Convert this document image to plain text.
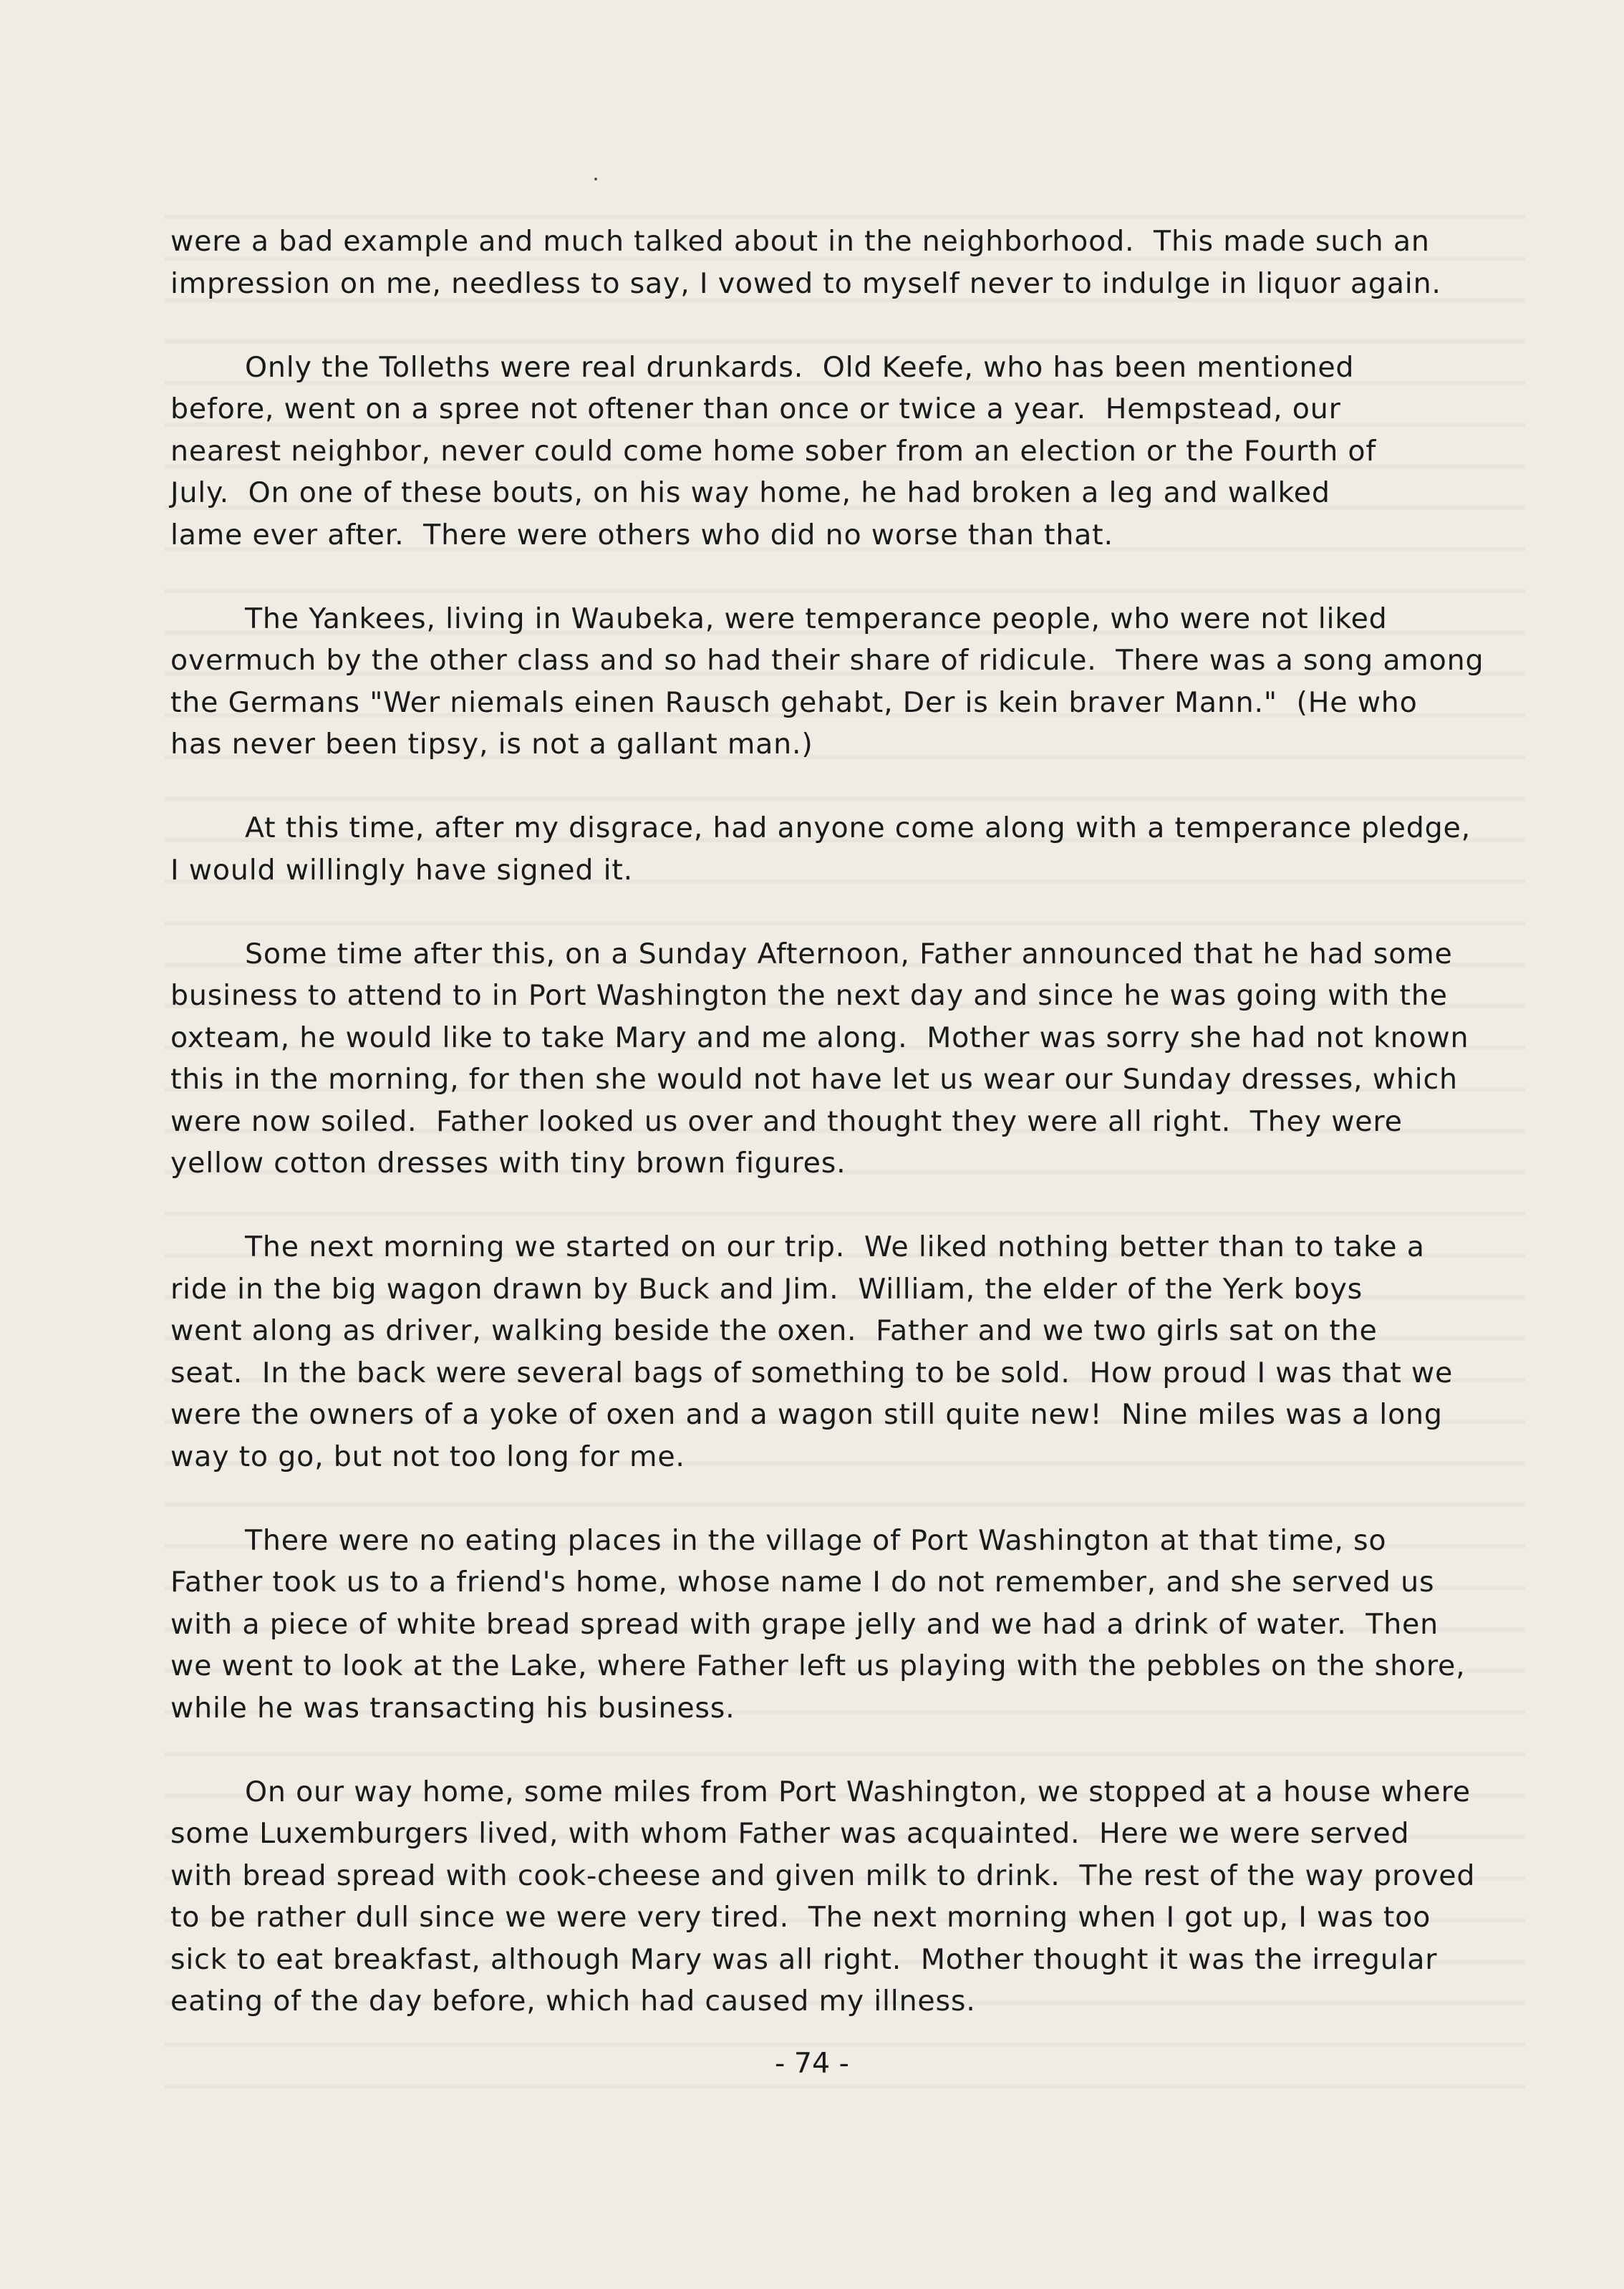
were a bad example and much talked about in the neighborhood.  This made such an
impression on me, needless to say, I vowed to myself never to indulge in liquor again.
Only the Tolleths were real drunkards.  Old Keefe, who has been mentioned
before, went on a spree not oftener than once or twice a year.  Hempstead, our
nearest neighbor, never could come home sober from an election or the Fourth of
July.  On one of these bouts, on his way home, he had broken a leg and walked
lame ever after.  There were others who did no worse than that.
The Yankees, living in Waubeka, were temperance people, who were not liked
overmuch by the other class and so had their share of ridicule.  There was a song among
the Germans "Wer niemals einen Rausch gehabt, Der is kein braver Mann."  (He who
has never been tipsy, is not a gallant man.)
At this time, after my disgrace, had anyone come along with a temperance pledge,
I would willingly have signed it.
Some time after this, on a Sunday Afternoon, Father announced that he had some
business to attend to in Port Washington the next day and since he was going with the
oxteam, he would like to take Mary and me along.  Mother was sorry she had not known
this in the morning, for then she would not have let us wear our Sunday dresses, which
were now soiled.  Father looked us over and thought they were all right.  They were
yellow cotton dresses with tiny brown figures.
The next morning we started on our trip.  We liked nothing better than to take a
ride in the big wagon drawn by Buck and Jim.  William, the elder of the Yerk boys
went along as driver, walking beside the oxen.  Father and we two girls sat on the
seat.  In the back were several bags of something to be sold.  How proud I was that we
were the owners of a yoke of oxen and a wagon still quite new!  Nine miles was a long
way to go, but not too long for me.
There were no eating places in the village of Port Washington at that time, so
Father took us to a friend's home, whose name I do not remember, and she served us
with a piece of white bread spread with grape jelly and we had a drink of water.  Then
we went to look at the Lake, where Father left us playing with the pebbles on the shore,
while he was transacting his business.
On our way home, some miles from Port Washington, we stopped at a house where
some Luxemburgers lived, with whom Father was acquainted.  Here we were served
with bread spread with cook-cheese and given milk to drink.  The rest of the way proved
to be rather dull since we were very tired.  The next morning when I got up, I was too
sick to eat breakfast, although Mary was all right.  Mother thought it was the irregular
eating of the day before, which had caused my illness.
- 74 -
